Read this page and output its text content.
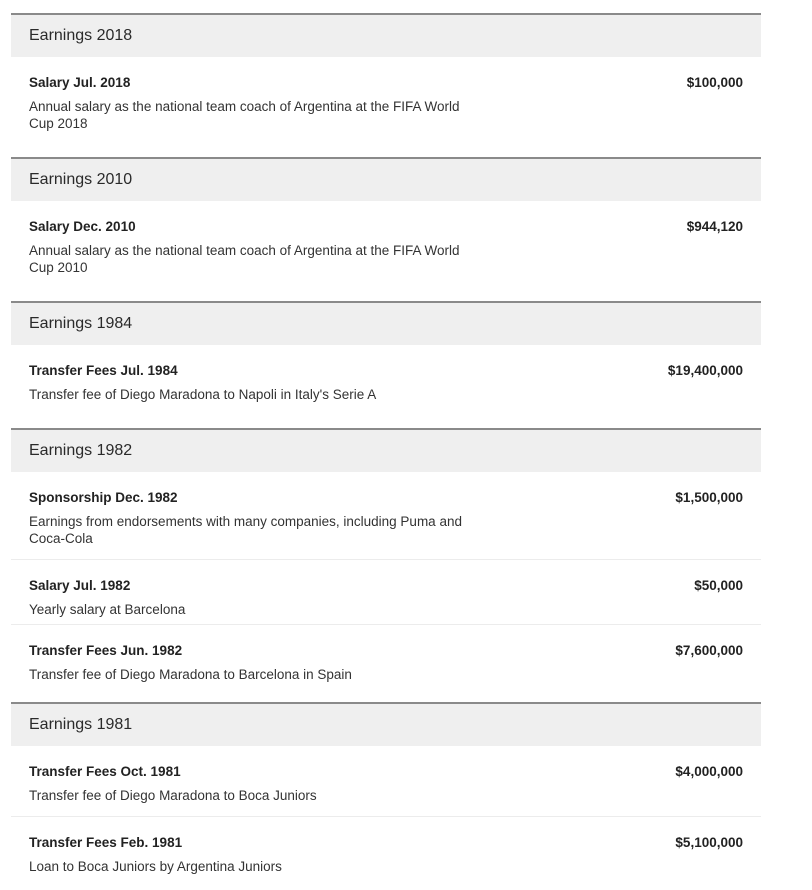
Earnings 2018
Salary Jul. 2018	$100,000
Annual salary as the national team coach of Argentina at the FIFA World Cup 2018
Earnings 2010
Salary Dec. 2010	$944,120
Annual salary as the national team coach of Argentina at the FIFA World Cup 2010
Earnings 1984
Transfer Fees Jul. 1984	$19,400,000
Transfer fee of Diego Maradona to Napoli in Italy's Serie A
Earnings 1982
Sponsorship Dec. 1982	$1,500,000
Earnings from endorsements with many companies, including Puma and Coca-Cola
Salary Jul. 1982	$50,000
Yearly salary at Barcelona
Transfer Fees Jun. 1982	$7,600,000
Transfer fee of Diego Maradona to Barcelona in Spain
Earnings 1981
Transfer Fees Oct. 1981	$4,000,000
Transfer fee of Diego Maradona to Boca Juniors
Transfer Fees Feb. 1981	$5,100,000
Loan to Boca Juniors by Argentina Juniors
